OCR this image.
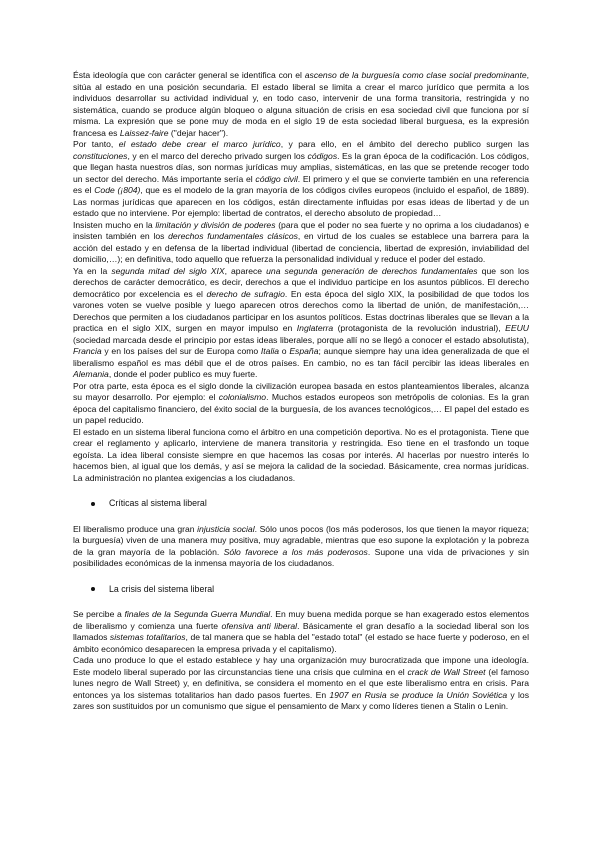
Ésta ideología que con carácter general se identifica con el ascenso de la burguesía como clase social predominante, sitúa al estado en una posición secundaria. El estado liberal se limita a crear el marco jurídico que permita a los individuos desarrollar su actividad individual y, en todo caso, intervenir de una forma transitoria, restringida y no sistemática, cuando se produce algún bloqueo o alguna situación de crisis en esa sociedad civil que funciona por sí misma. La expresión que se pone muy de moda en el siglo 19 de esta sociedad liberal burguesa, es la expresión francesa es Laissez-faire ("dejar hacer").

Por tanto, el estado debe crear el marco jurídico, y para ello, en el ámbito del derecho publico surgen las constituciones, y en el marco del derecho privado surgen los códigos. Es la gran época de la codificación. Los códigos, que llegan hasta nuestros días, son normas jurídicas muy amplias, sistemáticas, en las que se pretende recoger todo un sector del derecho. Más importante sería el código civil. El primero y el que se convierte también en una referencia es el Code (¡804), que es el modelo de la gran mayoría de los códigos civiles europeos (incluido el español, de 1889). Las normas jurídicas que aparecen en los códigos, están directamente influidas por esas ideas de libertad y de un estado que no interviene. Por ejemplo: libertad de contratos, el derecho absoluto de propiedad…

Insisten mucho en la limitación y división de poderes (para que el poder no sea fuerte y no oprima a los ciudadanos) e insisten también en los derechos fundamentales clásicos, en virtud de los cuales se establece una barrera para la acción del estado y en defensa de la libertad individual (libertad de conciencia, libertad de expresión, inviabilidad del domicilio,…); en definitiva, todo aquello que refuerza la personalidad individual y reduce el poder del estado.

Ya en la segunda mitad del siglo XIX, aparece una segunda generación de derechos fundamentales que son los derechos de carácter democrático, es decir, derechos a que el individuo participe en los asuntos públicos. El derecho democrático por excelencia es el derecho de sufragio. En esta época del siglo XIX, la posibilidad de que todos los varones voten se vuelve posible y luego aparecen otros derechos como la libertad de unión, de manifestación,… Derechos que permiten a los ciudadanos participar en los asuntos políticos. Estas doctrinas liberales que se llevan a la practica en el siglo XIX, surgen en mayor impulso en Inglaterra (protagonista de la revolución industrial), EEUU (sociedad marcada desde el principio por estas ideas liberales, porque allí no se llegó a conocer el estado absolutista), Francia y en los países del sur de Europa como Italia o España; aunque siempre hay una idea generalizada de que el liberalismo español es mas débil que el de otros países. En cambio, no es tan fácil percibir las ideas liberales en Alemania, donde el poder publico es muy fuerte.

Por otra parte, esta época es el siglo donde la civilización europea basada en estos planteamientos liberales, alcanza su mayor desarrollo. Por ejemplo: el colonialismo. Muchos estados europeos son metrópolis de colonias. Es la gran época del capitalismo financiero, del éxito social de la burguesía, de los avances tecnológicos,… El papel del estado es un papel reducido.

El estado en un sistema liberal funciona como el árbitro en una competición deportiva. No es el protagonista. Tiene que crear el reglamento y aplicarlo, interviene de manera transitoria y restringida. Eso tiene en el trasfondo un toque egoísta. La idea liberal consiste siempre en que hacemos las cosas por interés. Al hacerlas por nuestro interés lo hacemos bien, al igual que los demás, y así se mejora la calidad de la sociedad. Básicamente, crea normas jurídicas. La administración no plantea exigencias a los ciudadanos.

Críticas al sistema liberal

El liberalismo produce una gran injusticia social. Sólo unos pocos (los más poderosos, los que tienen la mayor riqueza; la burguesía) viven de una manera muy positiva, muy agradable, mientras que eso supone la explotación y la pobreza de la gran mayoría de la población. Sólo favorece a los más poderosos. Supone una vida de privaciones y sin posibilidades económicas de la inmensa mayoría de los ciudadanos.

La crisis del sistema liberal

Se percibe a finales de la Segunda Guerra Mundial. En muy buena medida porque se han exagerado estos elementos de liberalismo y comienza una fuerte ofensiva anti liberal. Básicamente el gran desafío a la sociedad liberal son los llamados sistemas totalitarios, de tal manera que se habla del "estado total" (el estado se hace fuerte y poderoso, en el ámbito económico desaparecen la empresa privada y el capitalismo).

Cada uno produce lo que el estado establece y hay una organización muy burocratizada que impone una ideología. Este modelo liberal superado por las circunstancias tiene una crisis que culmina en el crack de Wall Street (el famoso lunes negro de Wall Street) y, en definitiva, se considera el momento en el que este liberalismo entra en crisis. Para entonces ya los sistemas totalitarios han dado pasos fuertes. En 1907 en Rusia se produce la Unión Soviética y los zares son sustituidos por un comunismo que sigue el pensamiento de Marx y como líderes tienen a Stalin o Lenin.
